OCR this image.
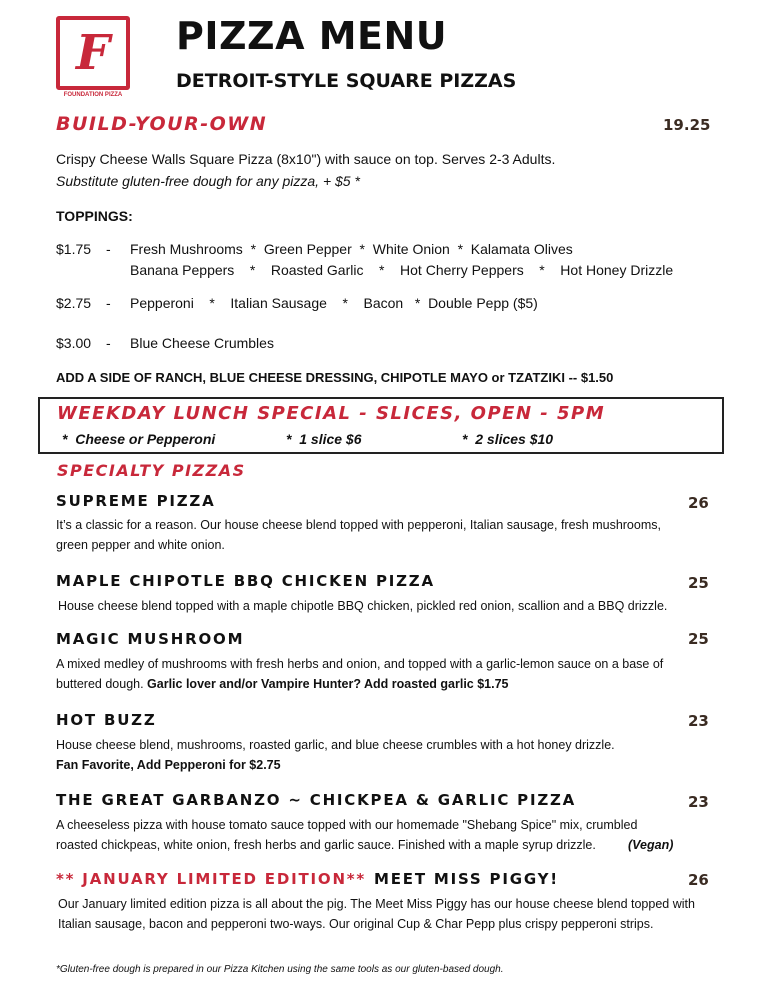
F
FOUNDATION PIZZA
PIZZA MENU
DETROIT-STYLE SQUARE PIZZAS
BUILD-YOUR-OWN	19.25
Crispy Cheese Walls Square Pizza (8x10") with sauce on top. Serves 2-3 Adults.
Substitute gluten-free dough for any pizza, + $5 *
TOPPINGS:
$1.75 - Fresh Mushrooms  *  Green Pepper  *  White Onion  *  Kalamata Olives
Banana Peppers    *    Roasted Garlic    *    Hot Cherry Peppers    *    Hot Honey Drizzle
$2.75 - Pepperoni    *    Italian Sausage    *    Bacon   *  Double Pepp ($5)
$3.00 - Blue Cheese Crumbles
ADD A SIDE OF RANCH, BLUE CHEESE DRESSING, CHIPOTLE MAYO or TZATZIKI -- $1.50
WEEKDAY LUNCH SPECIAL - SLICES, OPEN - 5PM
*  Cheese or Pepperoni	*  1 slice $6	*  2 slices $10
SPECIALTY PIZZAS
SUPREME PIZZA	26
It’s a classic for a reason. Our house cheese blend topped with pepperoni, Italian sausage, fresh mushrooms, green pepper and white onion.
MAPLE CHIPOTLE BBQ CHICKEN PIZZA	25
House cheese blend topped with a maple chipotle BBQ chicken, pickled red onion, scallion and a BBQ drizzle.
MAGIC MUSHROOM	25
A mixed medley of mushrooms with fresh herbs and onion, and topped with a garlic-lemon sauce on a base of buttered dough. Garlic lover and/or Vampire Hunter? Add roasted garlic $1.75
HOT BUZZ	23
House cheese blend, mushrooms, roasted garlic, and blue cheese crumbles with a hot honey drizzle.
Fan Favorite, Add Pepperoni for $2.75
THE GREAT GARBANZO ~ CHICKPEA & GARLIC PIZZA	23
A cheeseless pizza with house tomato sauce topped with our homemade "Shebang Spice" mix, crumbled roasted chickpeas, white onion, fresh herbs and garlic sauce. Finished with a maple syrup drizzle.	(Vegan)
** JANUARY LIMITED EDITION** MEET MISS PIGGY!	26
Our January limited edition pizza is all about the pig. The Meet Miss Piggy has our house cheese blend topped with Italian sausage, bacon and pepperoni two-ways. Our original Cup & Char Pepp plus crispy pepperoni strips.
*Gluten-free dough is prepared in our Pizza Kitchen using the same tools as our gluten-based dough.
